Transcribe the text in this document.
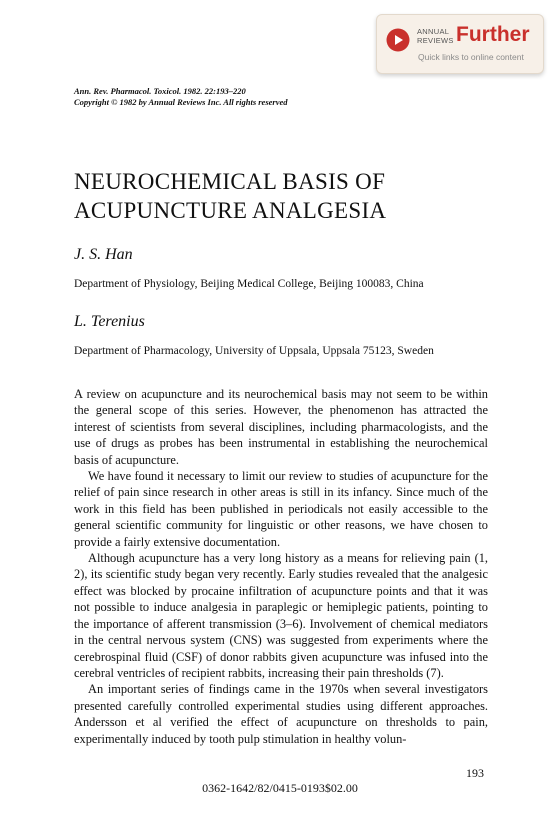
ANNUAL
REVIEWS Further
Quick links to online content
Ann. Rev. Pharmacol. Toxicol. 1982. 22:193–220
Copyright © 1982 by Annual Reviews Inc. All rights reserved
NEUROCHEMICAL BASIS OF
ACUPUNCTURE ANALGESIA
J. S. Han
Department of Physiology, Beijing Medical College, Beijing 100083, China
L. Terenius
Department of Pharmacology, University of Uppsala, Uppsala 75123, Sweden

A review on acupuncture and its neurochemical basis may not seem to be within the general scope of this series. However, the phenomenon has attracted the interest of scientists from several disciplines, including pharmacologists, and the use of drugs as probes has been instrumental in establishing the neurochemical basis of acupuncture.

We have found it necessary to limit our review to studies of acupuncture for the relief of pain since research in other areas is still in its infancy. Since much of the work in this field has been published in periodicals not easily accessible to the general scientific community for linguistic or other reasons, we have chosen to provide a fairly extensive documentation.

Although acupuncture has a very long history as a means for relieving pain (1, 2), its scientific study began very recently. Early studies revealed that the analgesic effect was blocked by procaine infiltration of acupuncture points and that it was not possible to induce analgesia in paraplegic or hemiplegic patients, pointing to the importance of afferent transmission (3–6). Involvement of chemical mediators in the central nervous system (CNS) was suggested from experiments where the cerebrospinal fluid (CSF) of donor rabbits given acupuncture was infused into the cerebral ventricles of recipient rabbits, increasing their pain thresholds (7).

An important series of findings came in the 1970s when several investigators presented carefully controlled experimental studies using different approaches. Andersson et al verified the effect of acupuncture on thresholds to pain, experimentally induced by tooth pulp stimulation in healthy volun-

193
0362-1642/82/0415-0193$02.00
